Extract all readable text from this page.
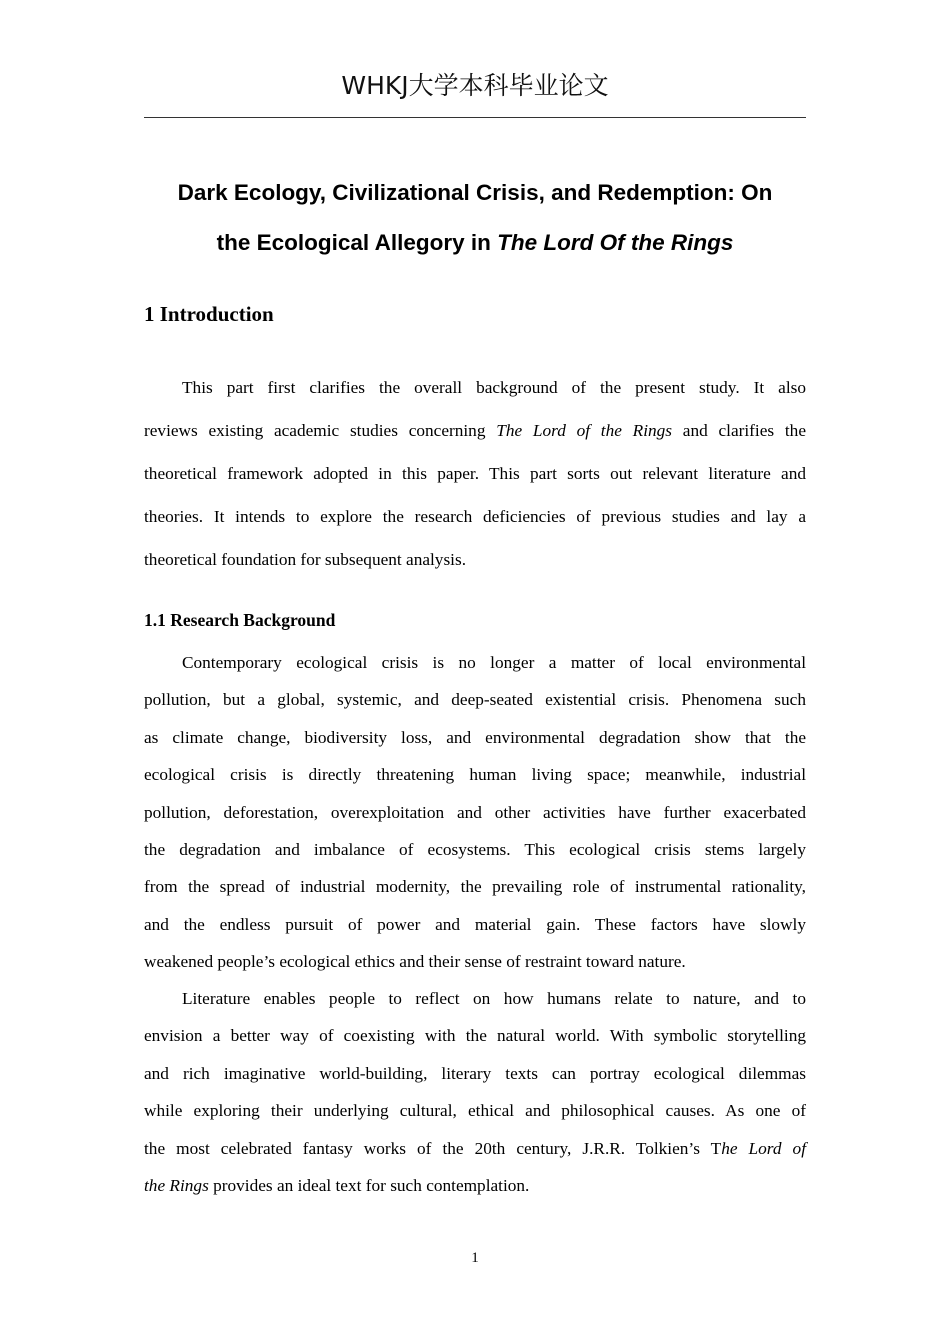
WHKJ大学本科毕业论文
Dark Ecology, Civilizational Crisis, and Redemption: On
the Ecological Allegory in The Lord Of the Rings
1 Introduction
This part first clarifies the overall background of the present study. It also
reviews existing academic studies concerning The Lord of the Rings and clarifies the
theoretical framework adopted in this paper. This part sorts out relevant literature and
theories. It intends to explore the research deficiencies of previous studies and lay a
theoretical foundation for subsequent analysis.
1.1 Research Background
Contemporary ecological crisis is no longer a matter of local environmental
pollution, but a global, systemic, and deep-seated existential crisis. Phenomena such
as climate change, biodiversity loss, and environmental degradation show that the
ecological crisis is directly threatening human living space; meanwhile, industrial
pollution, deforestation, overexploitation and other activities have further exacerbated
the degradation and imbalance of ecosystems. This ecological crisis stems largely
from the spread of industrial modernity, the prevailing role of instrumental rationality,
and the endless pursuit of power and material gain. These factors have slowly
weakened people’s ecological ethics and their sense of restraint toward nature.
Literature enables people to reflect on how humans relate to nature, and to
envision a better way of coexisting with the natural world. With symbolic storytelling
and rich imaginative world-building, literary texts can portray ecological dilemmas
while exploring their underlying cultural, ethical and philosophical causes. As one of
the most celebrated fantasy works of the 20th century, J.R.R. Tolkien’s The Lord of
the Rings provides an ideal text for such contemplation.
1
